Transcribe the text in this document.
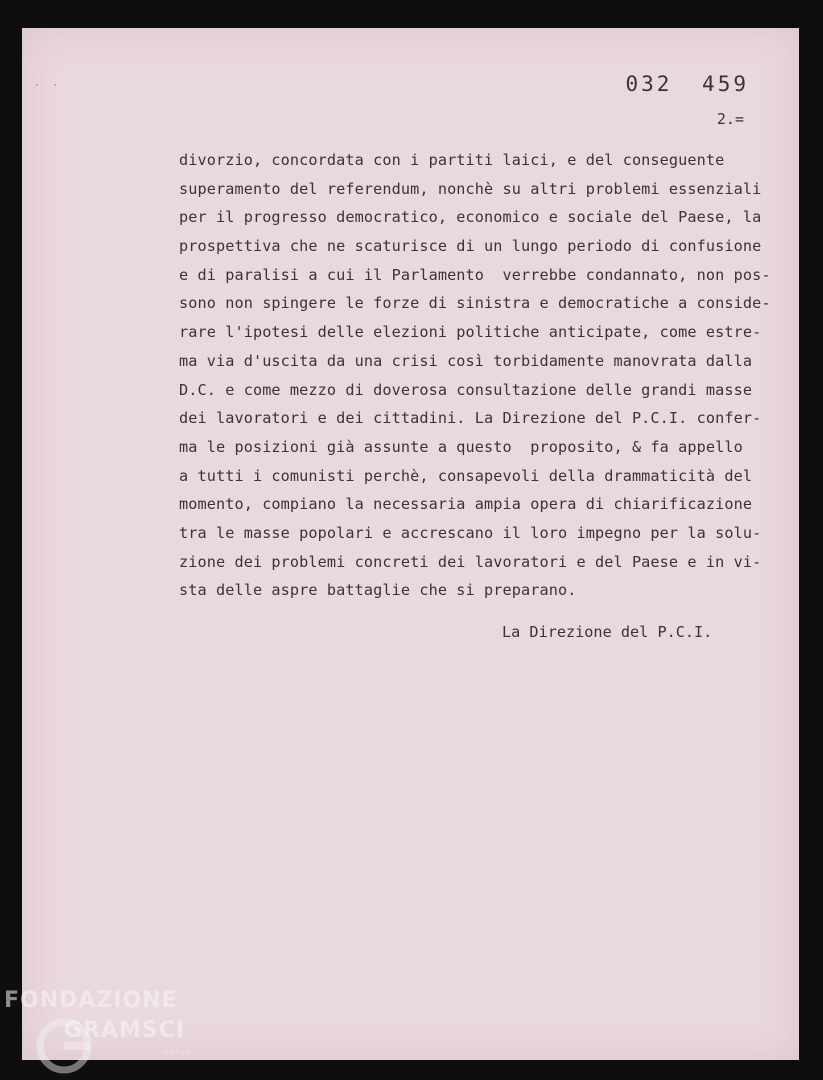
· ·	032 459
2.=
divorzio, concordata con i partiti laici, e del conseguente
superamento del referendum, nonchè su altri problemi essenziali
per il progresso democratico, economico e sociale del Paese, la
prospettiva che ne scaturisce di un lungo periodo di confusione
e di paralisi a cui il Parlamento  verrebbe condannato, non pos-
sono non spingere le forze di sinistra e democratiche a conside-
rare l'ipotesi delle elezioni politiche anticipate, come estre-
ma via d'uscita da una crisi così torbidamente manovrata dalla
D.C. e come mezzo di doverosa consultazione delle grandi masse
dei lavoratori e dei cittadini. La Direzione del P.C.I. confer-
ma le posizioni già assunte a questo  proposito, & fa appello
a tutti i comunisti perchè, consapevoli della drammaticità del
momento, compiano la necessaria ampia opera di chiarificazione
tra le masse popolari e accrescano il loro impegno per la solu-
zione dei problemi concreti dei lavoratori e del Paese e in vi-
sta delle aspre battaglie che si preparano.
La Direzione del P.C.I.
FONDAZIONE
GRAMSCI
onlus
